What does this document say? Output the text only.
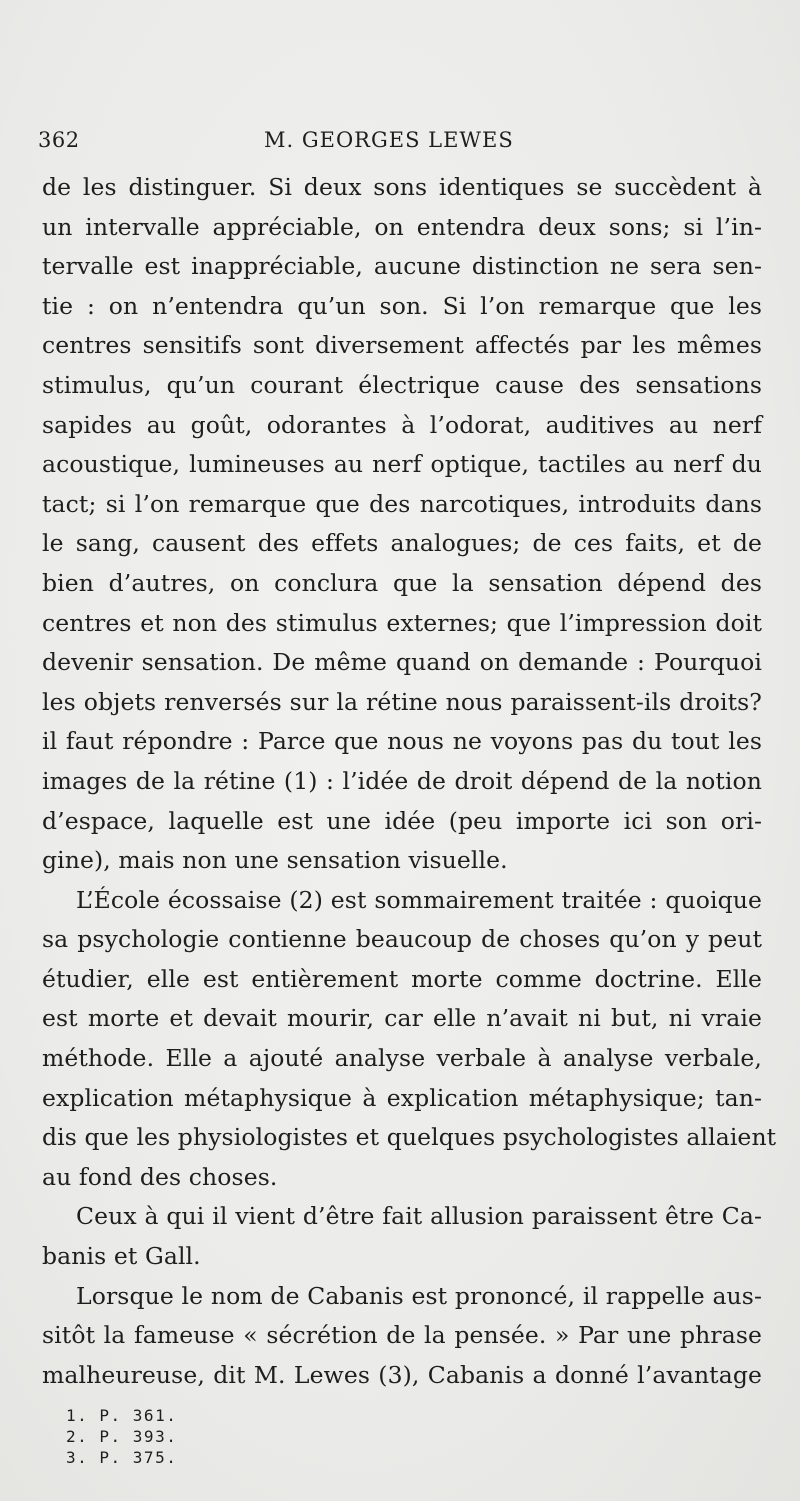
362	M. GEORGES LEWES
de les distinguer. Si deux sons identiques se succèdent à
un intervalle appréciable, on entendra deux sons; si l’in-
tervalle est inappréciable, aucune distinction ne sera sen-
tie : on n’entendra qu’un son. Si l’on remarque que les
centres sensitifs sont diversement affectés par les mêmes
stimulus, qu’un courant électrique cause des sensations
sapides au goût, odorantes à l’odorat, auditives au nerf
acoustique, lumineuses au nerf optique, tactiles au nerf du
tact; si l’on remarque que des narcotiques, introduits dans
le sang, causent des effets analogues; de ces faits, et de
bien d’autres, on conclura que la sensation dépend des
centres et non des stimulus externes; que l’impression doit
devenir sensation. De même quand on demande : Pourquoi
les objets renversés sur la rétine nous paraissent-ils droits?
il faut répondre : Parce que nous ne voyons pas du tout les
images de la rétine (1) : l’idée de droit dépend de la notion
d’espace, laquelle est une idée (peu importe ici son ori-
gine), mais non une sensation visuelle.
L’École écossaise (2) est sommairement traitée : quoique
sa psychologie contienne beaucoup de choses qu’on y peut
étudier, elle est entièrement morte comme doctrine. Elle
est morte et devait mourir, car elle n’avait ni but, ni vraie
méthode. Elle a ajouté analyse verbale à analyse verbale,
explication métaphysique à explication métaphysique; tan-
dis que les physiologistes et quelques psychologistes allaient
au fond des choses.
Ceux à qui il vient d’être fait allusion paraissent être Ca-
banis et Gall.
Lorsque le nom de Cabanis est prononcé, il rappelle aus-
sitôt la fameuse « sécrétion de la pensée. » Par une phrase
malheureuse, dit M. Lewes (3), Cabanis a donné l’avantage
1. P. 361.
2. P. 393.
3. P. 375.
